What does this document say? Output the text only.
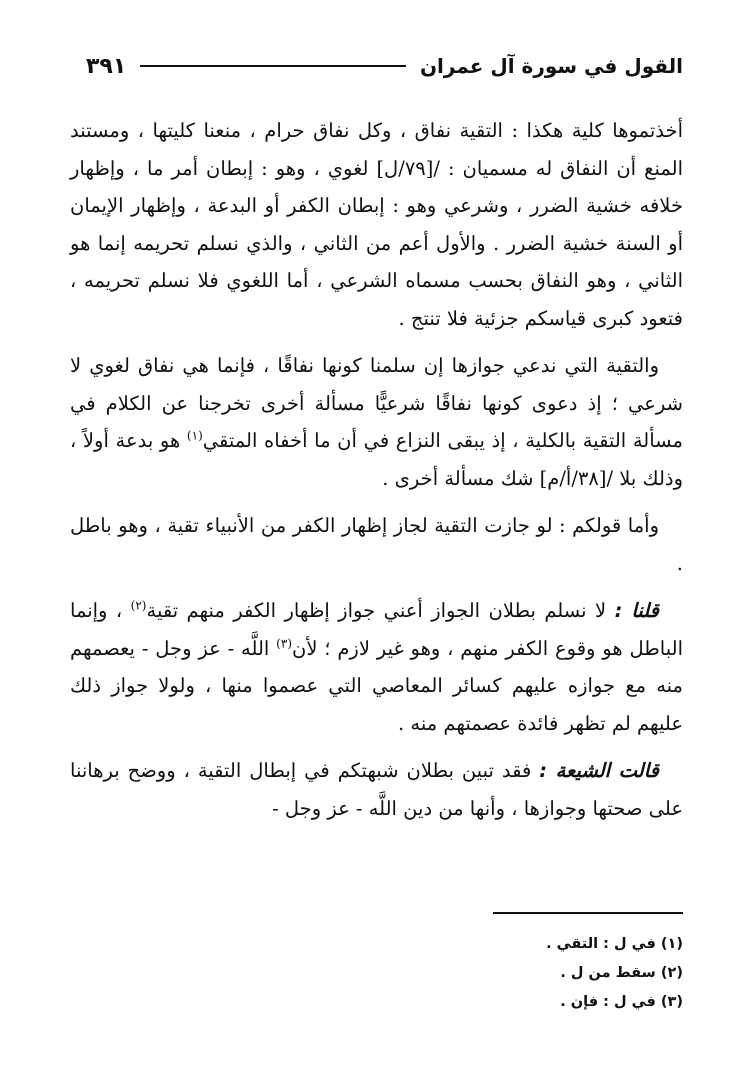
القول في سورة آل عمران
٣٩١

أخذتموها كلية هكذا : التقية نفاق ، وكل نفاق حرام ، منعنا كليتها ، ومستند المنع أن النفاق له مسميان : /[٧٩/ل] لغوي ، وهو : إبطان أمر ما ، وإظهار خلافه خشية الضرر ، وشرعي وهو : إبطان الكفر أو البدعة ، وإظهار الإيمان أو السنة خشية الضرر . والأول أعم من الثاني ، والذي نسلم تحريمه إنما هو الثاني ، وهو النفاق بحسب مسماه الشرعي ، أما اللغوي فلا نسلم تحريمه ، فتعود كبرى قياسكم جزئية فلا تنتج .

والتقية التي ندعي جوازها إن سلمنا كونها نفاقًا ، فإنما هي نفاق لغوي لا شرعي ؛ إذ دعوى كونها نفاقًا شرعيًّا مسألة أخرى تخرجنا عن الكلام في مسألة التقية بالكلية ، إذ يبقى النزاع في أن ما أخفاه المتقي$^{(١)}$ هو بدعة أولاً ، وذلك بلا /[٣٨/أ/م] شك مسألة أخرى .

وأما قولكم : لو جازت التقية لجاز إظهار الكفر من الأنبياء تقية ، وهو باطل .

قلنا : لا نسلم بطلان الجواز أعني جواز إظهار الكفر منهم تقية$^{(٢)}$ ، وإنما الباطل هو وقوع الكفر منهم ، وهو غير لازم ؛ لأن$^{(٣)}$ اللَّه - عز وجل - يعصمهم منه مع جوازه عليهم كسائر المعاصي التي عصموا منها ، ولولا جواز ذلك عليهم لم تظهر فائدة عصمتهم منه .

قالت الشيعة : فقد تبين بطلان شبهتكم في إبطال التقية ، ووضح برهاننا على صحتها وجوازها ، وأنها من دين اللَّه - عز وجل -

(١) في ل : التقي .

(٢) سقط من ل .

(٣) في ل : فإن .
